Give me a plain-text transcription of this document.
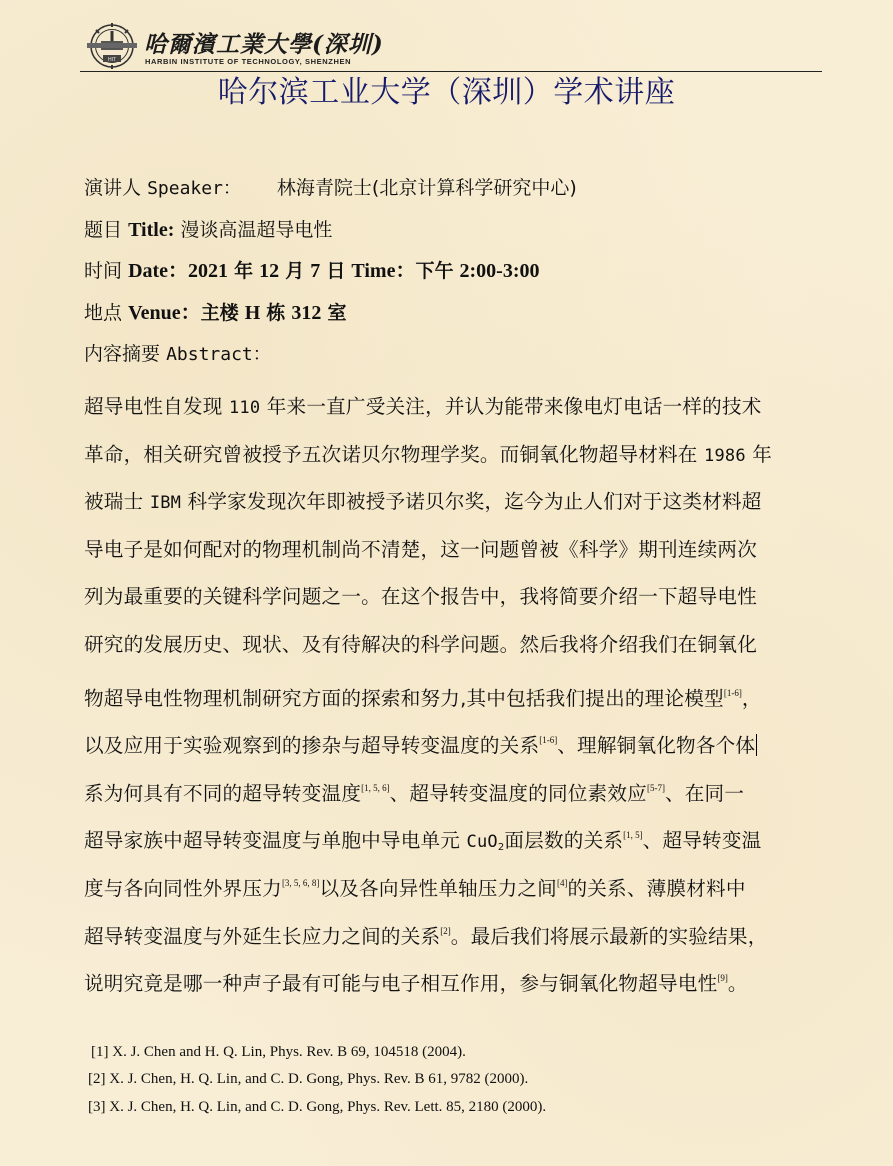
HIT
哈爾濱工業大學(深圳)
HARBIN INSTITUTE OF TECHNOLOGY, SHENZHEN
哈尔滨工业大学（深圳）学术讲座
演讲人 Speaker： 林海青院士(北京计算科学研究中心)
题目 Title: 漫谈高温超导电性
时间 Date：2021 年 12 月 7 日 Time：下午 2:00-3:00
地点 Venue：主楼 H 栋 312 室
内容摘要 Abstract：
超导电性自发现 110 年来一直广受关注，并认为能带来像电灯电话一样的技术
革命，相关研究曾被授予五次诺贝尔物理学奖。而铜氧化物超导材料在 1986 年
被瑞士 IBM 科学家发现次年即被授予诺贝尔奖，迄今为止人们对于这类材料超
导电子是如何配对的物理机制尚不清楚，这一问题曾被《科学》期刊连续两次
列为最重要的关键科学问题之一。在这个报告中，我将简要介绍一下超导电性
研究的发展历史、现状、及有待解决的科学问题。然后我将介绍我们在铜氧化
物超导电性物理机制研究方面的探索和努力,其中包括我们提出的理论模型[1-6]，
以及应用于实验观察到的掺杂与超导转变温度的关系[1-6]、理解铜氧化物各个体
系为何具有不同的超导转变温度[1, 5, 6]、超导转变温度的同位素效应[5-7]、在同一
超导家族中超导转变温度与单胞中导电单元 CuO$_2$面层数的关系[1, 5]、超导转变温
度与各向同性外界压力[3, 5, 6, 8]以及各向异性单轴压力之间[4]的关系、薄膜材料中
超导转变温度与外延生长应力之间的关系[2]。最后我们将展示最新的实验结果，
说明究竟是哪一种声子最有可能与电子相互作用，参与铜氧化物超导电性[9]。
[1] X. J. Chen and H. Q. Lin, Phys. Rev. B 69, 104518 (2004).
[2] X. J. Chen, H. Q. Lin, and C. D. Gong, Phys. Rev. B 61, 9782 (2000).
[3] X. J. Chen, H. Q. Lin, and C. D. Gong, Phys. Rev. Lett. 85, 2180 (2000).
